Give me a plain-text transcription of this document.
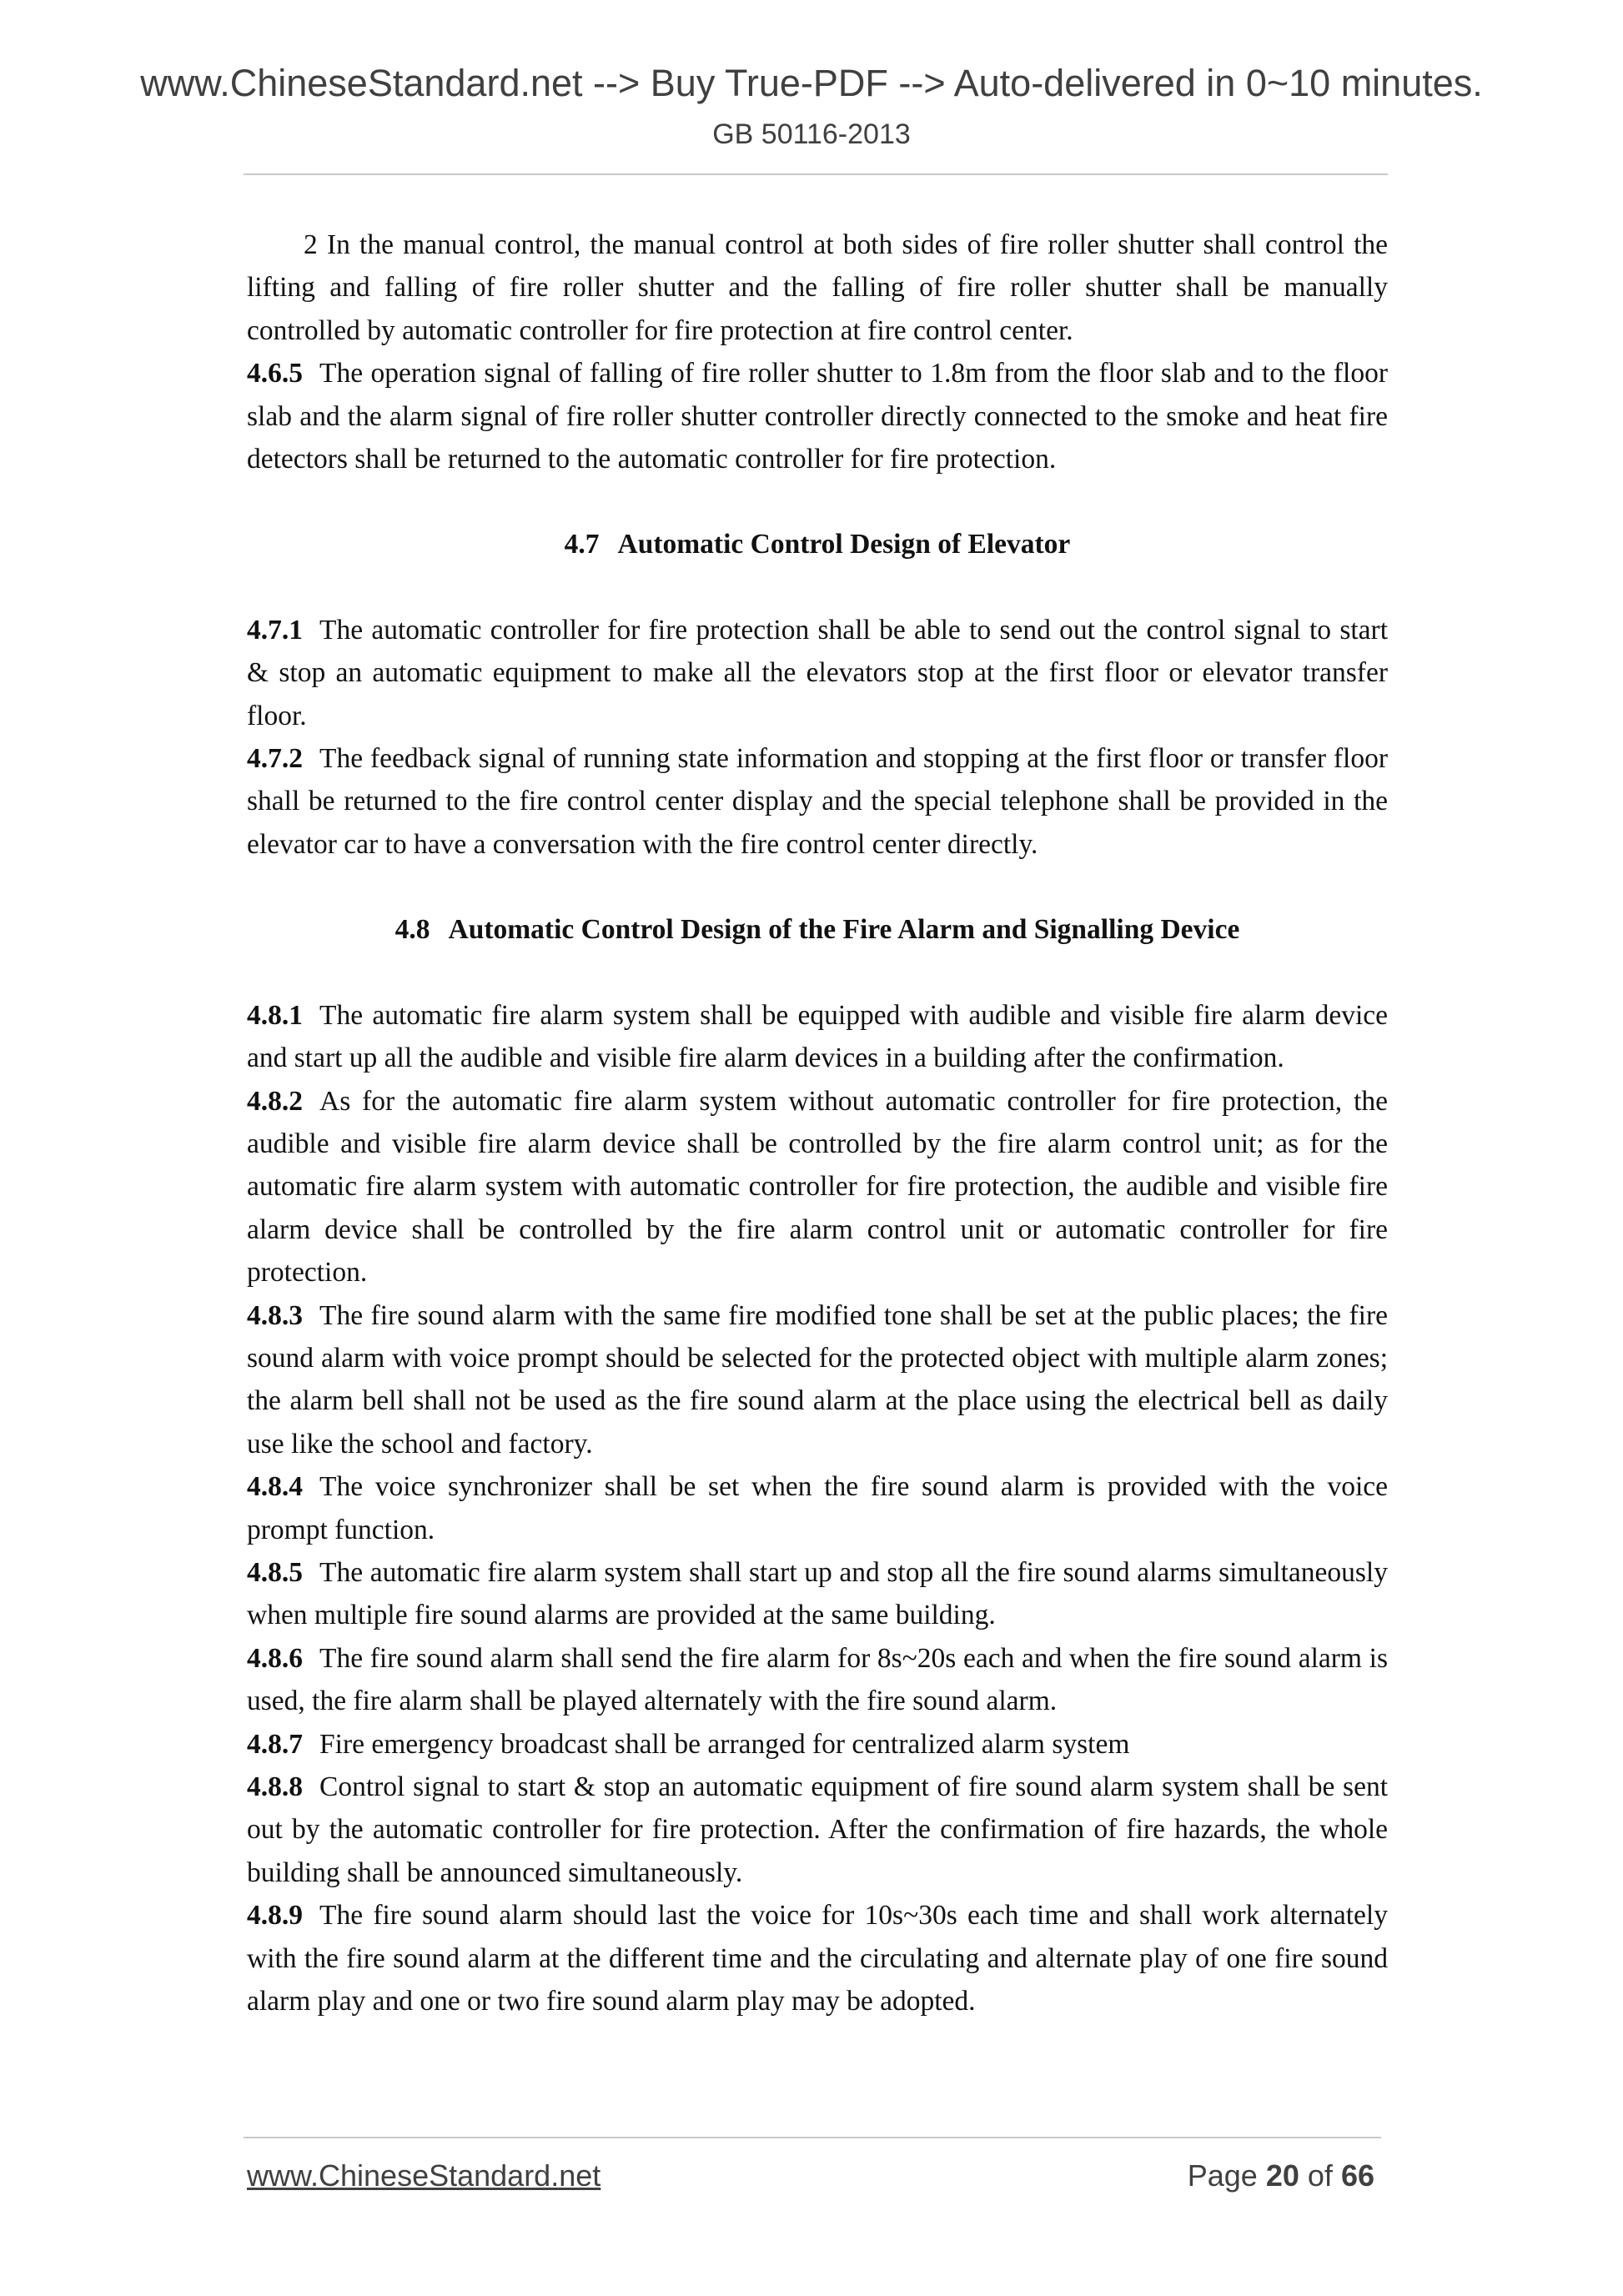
www.ChineseStandard.net --> Buy True-PDF --> Auto-delivered in 0~10 minutes.
GB 50116-2013

2 In the manual control, the manual control at both sides of fire roller shutter shall control the lifting and falling of fire roller shutter and the falling of fire roller shutter shall be manually controlled by automatic controller for fire protection at fire control center.

4.6.5 The operation signal of falling of fire roller shutter to 1.8m from the floor slab and to the floor slab and the alarm signal of fire roller shutter controller directly connected to the smoke and heat fire detectors shall be returned to the automatic controller for fire protection.

4.7 Automatic Control Design of Elevator

4.7.1 The automatic controller for fire protection shall be able to send out the control signal to start & stop an automatic equipment to make all the elevators stop at the first floor or elevator transfer floor.

4.7.2 The feedback signal of running state information and stopping at the first floor or transfer floor shall be returned to the fire control center display and the special telephone shall be provided in the elevator car to have a conversation with the fire control center directly.

4.8 Automatic Control Design of the Fire Alarm and Signalling Device

4.8.1 The automatic fire alarm system shall be equipped with audible and visible fire alarm device and start up all the audible and visible fire alarm devices in a building after the confirmation.

4.8.2 As for the automatic fire alarm system without automatic controller for fire protection, the audible and visible fire alarm device shall be controlled by the fire alarm control unit; as for the automatic fire alarm system with automatic controller for fire protection, the audible and visible fire alarm device shall be controlled by the fire alarm control unit or automatic controller for fire protection.

4.8.3 The fire sound alarm with the same fire modified tone shall be set at the public places; the fire sound alarm with voice prompt should be selected for the protected object with multiple alarm zones; the alarm bell shall not be used as the fire sound alarm at the place using the electrical bell as daily use like the school and factory.

4.8.4 The voice synchronizer shall be set when the fire sound alarm is provided with the voice prompt function.

4.8.5 The automatic fire alarm system shall start up and stop all the fire sound alarms simultaneously when multiple fire sound alarms are provided at the same building.

4.8.6 The fire sound alarm shall send the fire alarm for 8s~20s each and when the fire sound alarm is used, the fire alarm shall be played alternately with the fire sound alarm.

4.8.7 Fire emergency broadcast shall be arranged for centralized alarm system

4.8.8 Control signal to start & stop an automatic equipment of fire sound alarm system shall be sent out by the automatic controller for fire protection. After the confirmation of fire hazards, the whole building shall be announced simultaneously.

4.8.9 The fire sound alarm should last the voice for 10s~30s each time and shall work alternately with the fire sound alarm at the different time and the circulating and alternate play of one fire sound alarm play and one or two fire sound alarm play may be adopted.

www.ChineseStandard.net	Page 20 of 66
